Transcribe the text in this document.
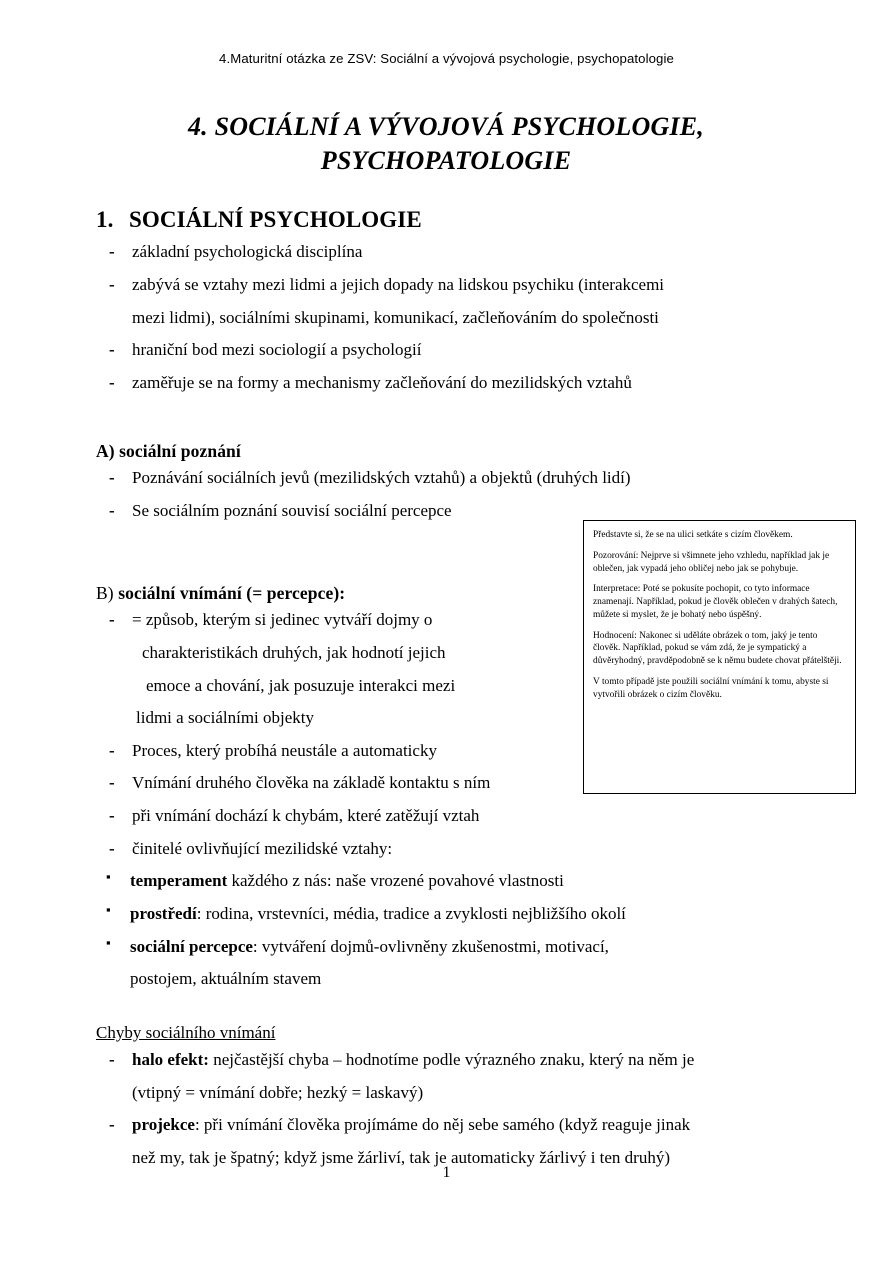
4.Maturitní otázka ze ZSV: Sociální a vývojová psychologie, psychopatologie
4. SOCIÁLNÍ A VÝVOJOVÁ PSYCHOLOGIE,
PSYCHOPATOLOGIE
1. SOCIÁLNÍ PSYCHOLOGIE
- základní psychologická disciplína
- zabývá se vztahy mezi lidmi a jejich dopady na lidskou psychiku (interakcemi
mezi lidmi), sociálními skupinami, komunikací, začleňováním do společnosti
- hraniční bod mezi sociologií a psychologií
- zaměřuje se na formy a mechanismy začleňování do mezilidských vztahů
A) sociální poznání
- Poznávání sociálních jevů (mezilidských vztahů) a objektů (druhých lidí)
- Se sociálním poznání souvisí sociální percepce
B) sociální vnímání (= percepce):
- = způsob, kterým si jedinec vytváří dojmy o
charakteristikách druhých, jak hodnotí jejich
emoce a chování, jak posuzuje interakci mezi
lidmi a sociálními objekty
- Proces, který probíhá neustále a automaticky
- Vnímání druhého člověka na základě kontaktu s ním
- při vnímání dochází k chybám, které zatěžují vztah
- činitelé ovlivňující mezilidské vztahy:
▪ temperament každého z nás: naše vrozené povahové vlastnosti
▪ prostředí: rodina, vrstevníci, média, tradice a zvyklosti nejbližšího okolí
▪ sociální percepce: vytváření dojmů-ovlivněny zkušenostmi, motivací,
postojem, aktuálním stavem
Chyby sociálního vnímání
- halo efekt: nejčastější chyba – hodnotíme podle výrazného znaku, který na něm je
(vtipný = vnímání dobře; hezký = laskavý)
- projekce: při vnímání člověka projímáme do něj sebe samého (když reaguje jinak
než my, tak je špatný; když jsme žárliví, tak je automaticky žárlivý i ten druhý)

Představte si, že se na ulici setkáte s cizím člověkem.

Pozorování: Nejprve si všimnete jeho vzhledu, například jak je oblečen, jak vypadá jeho obličej nebo jak se pohybuje.

Interpretace: Poté se pokusíte pochopit, co tyto informace znamenají. Například, pokud je člověk oblečen v drahých šatech, můžete si myslet, že je bohatý nebo úspěšný.

Hodnocení: Nakonec si uděláte obrázek o tom, jaký je tento člověk. Například, pokud se vám zdá, že je sympatický a důvěryhodný, pravděpodobně se k němu budete chovat přátelštěji.

V tomto případě jste použili sociální vnímání k tomu, abyste si vytvořili obrázek o cizím člověku.

1
